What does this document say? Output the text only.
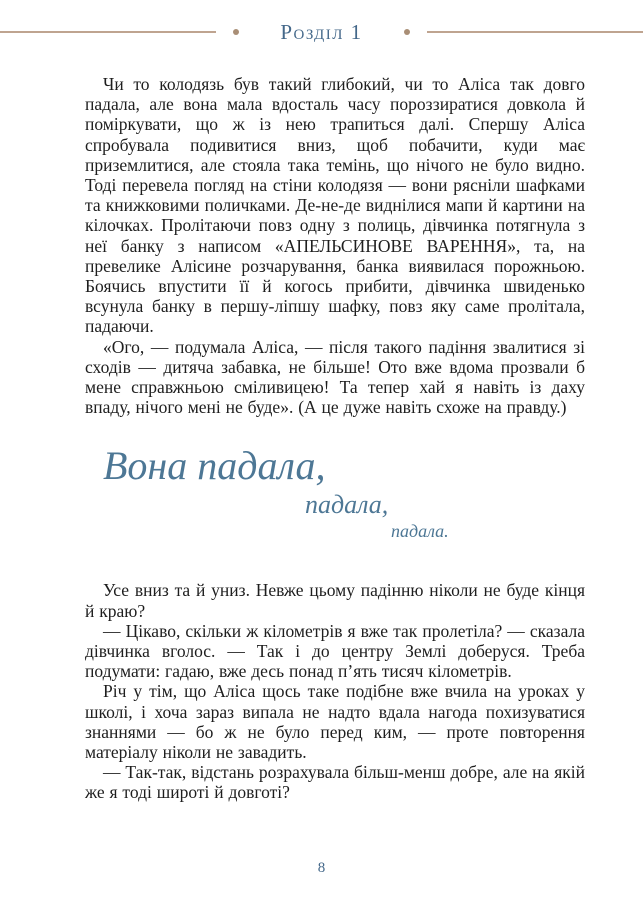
Розділ 1

Чи то колодязь був такий глибокий, чи то Аліса так довго падала, але вона мала вдосталь часу пороззиратися довкола й поміркувати, що ж із нею трапиться далі. Спершу Аліса спробувала подивитися вниз, щоб побачити, куди має приземлитися, але стояла така темінь, що нічого не було видно. Тоді перевела погляд на стіни колодязя — вони рясніли шафками та книжковими поличками. Де-не-де виднілися мапи й картини на кілочках. Пролітаючи повз одну з полиць, дівчинка потягнула з неї банку з написом «АПЕЛЬСИНОВЕ ВАРЕННЯ», та, на превелике Алісине розчарування, банка виявилася порожньою. Боячись впустити її й когось прибити, дівчинка швиденько всунула банку в першу-ліпшу шафку, повз яку саме пролітала, падаючи.

«Ого, — подумала Аліса, — після такого падіння звалитися зі сходів — дитяча забавка, не більше! Ото вже вдома прозвали б мене справжньою сміливицею! Та тепер хай я навіть із даху впаду, нічого мені не буде». (А це дуже навіть схоже на правду.)

Вона падала,
падала,
падала.

Усе вниз та й униз. Невже цьому падінню ніколи не буде кінця й краю?

— Цікаво, скільки ж кілометрів я вже так пролетіла? — сказала дівчинка вголос. — Так і до центру Землі доберуся. Треба подумати: гадаю, вже десь понад п’ять тисяч кілометрів.

Річ у тім, що Аліса щось таке подібне вже вчила на уроках у школі, і хоча зараз випала не надто вдала нагода похизуватися знаннями — бо ж не було перед ким, — проте повторення матеріалу ніколи не завадить.

— Так-так, відстань розрахувала більш-менш добре, але на якій же я тоді широті й довготі?

8
